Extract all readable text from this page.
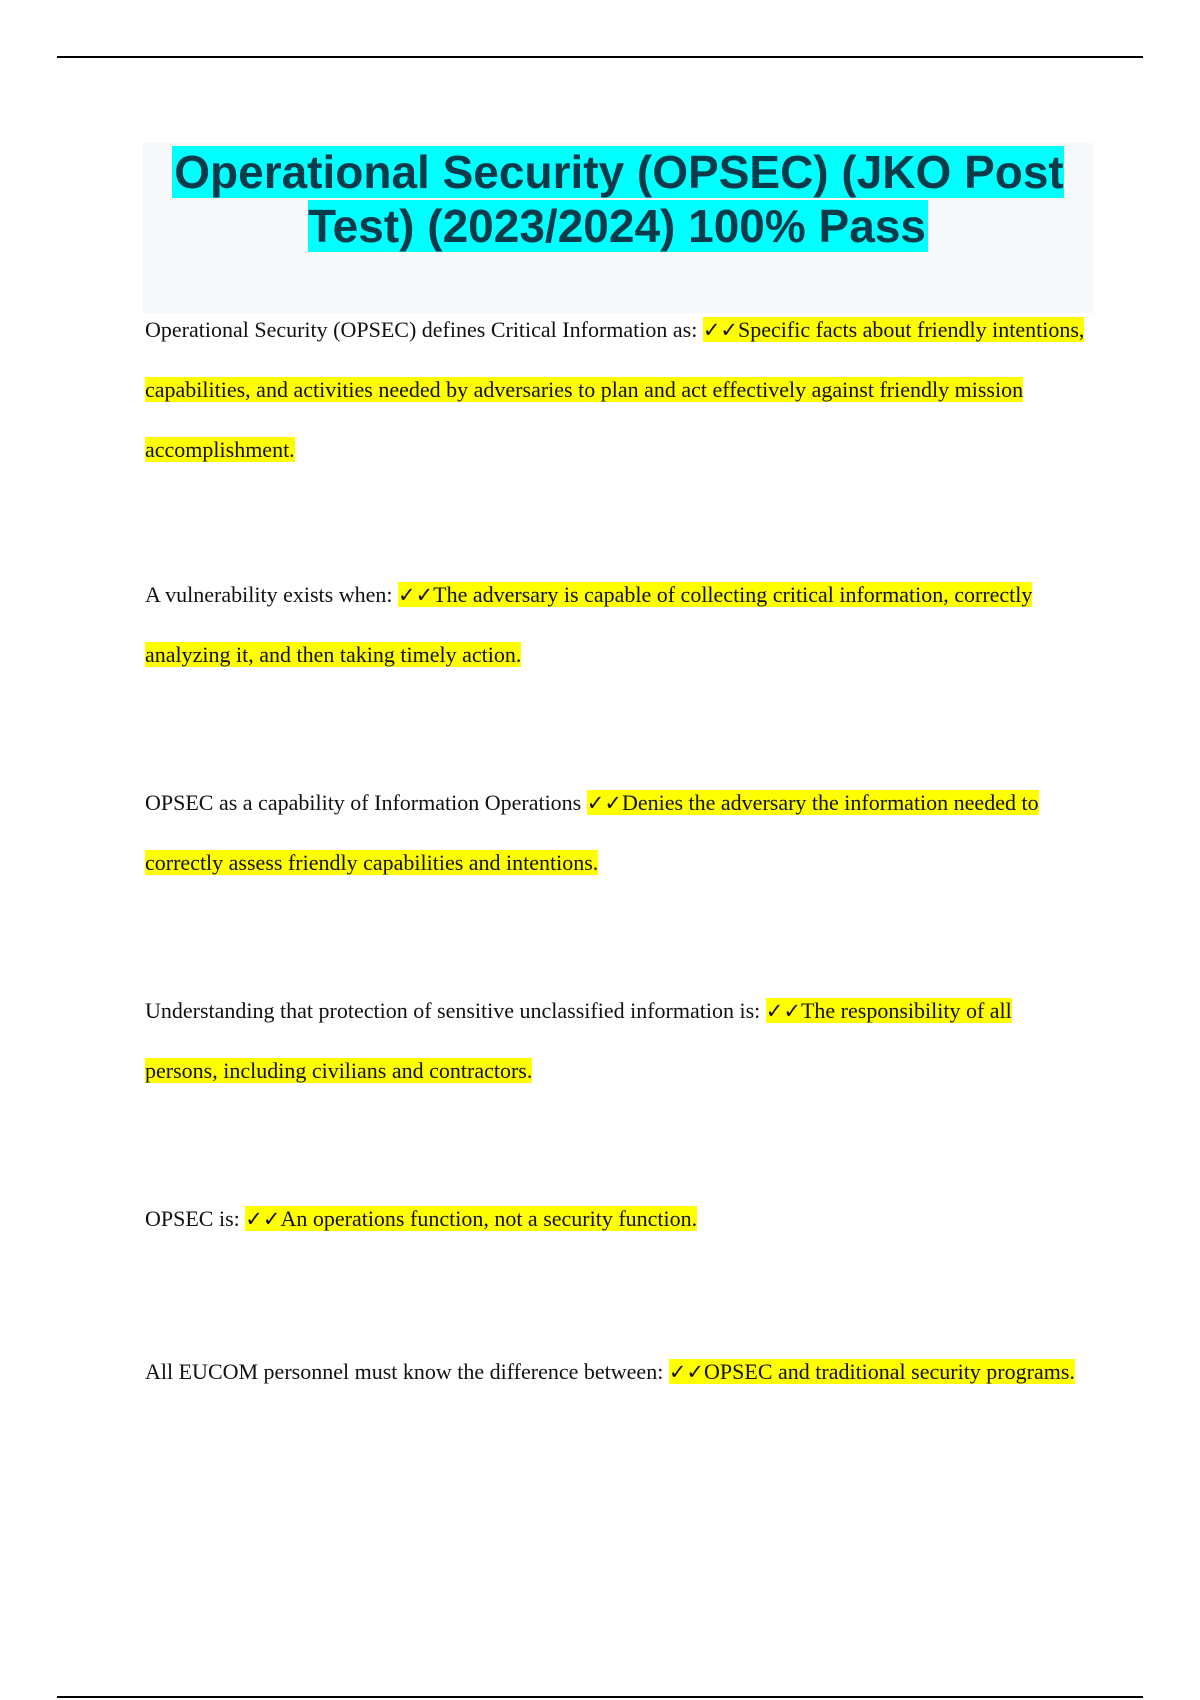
Operational Security (OPSEC) (JKO Post Test) (2023/2024) 100% Pass

Operational Security (OPSEC) defines Critical Information as: ✓✓Specific facts about friendly intentions, capabilities, and activities needed by adversaries to plan and act effectively against friendly mission accomplishment.

A vulnerability exists when: ✓✓The adversary is capable of collecting critical information, correctly analyzing it, and then taking timely action.

OPSEC as a capability of Information Operations ✓✓Denies the adversary the information needed to correctly assess friendly capabilities and intentions.

Understanding that protection of sensitive unclassified information is: ✓✓The responsibility of all persons, including civilians and contractors.

OPSEC is: ✓✓An operations function, not a security function.

All EUCOM personnel must know the difference between: ✓✓OPSEC and traditional security programs.
